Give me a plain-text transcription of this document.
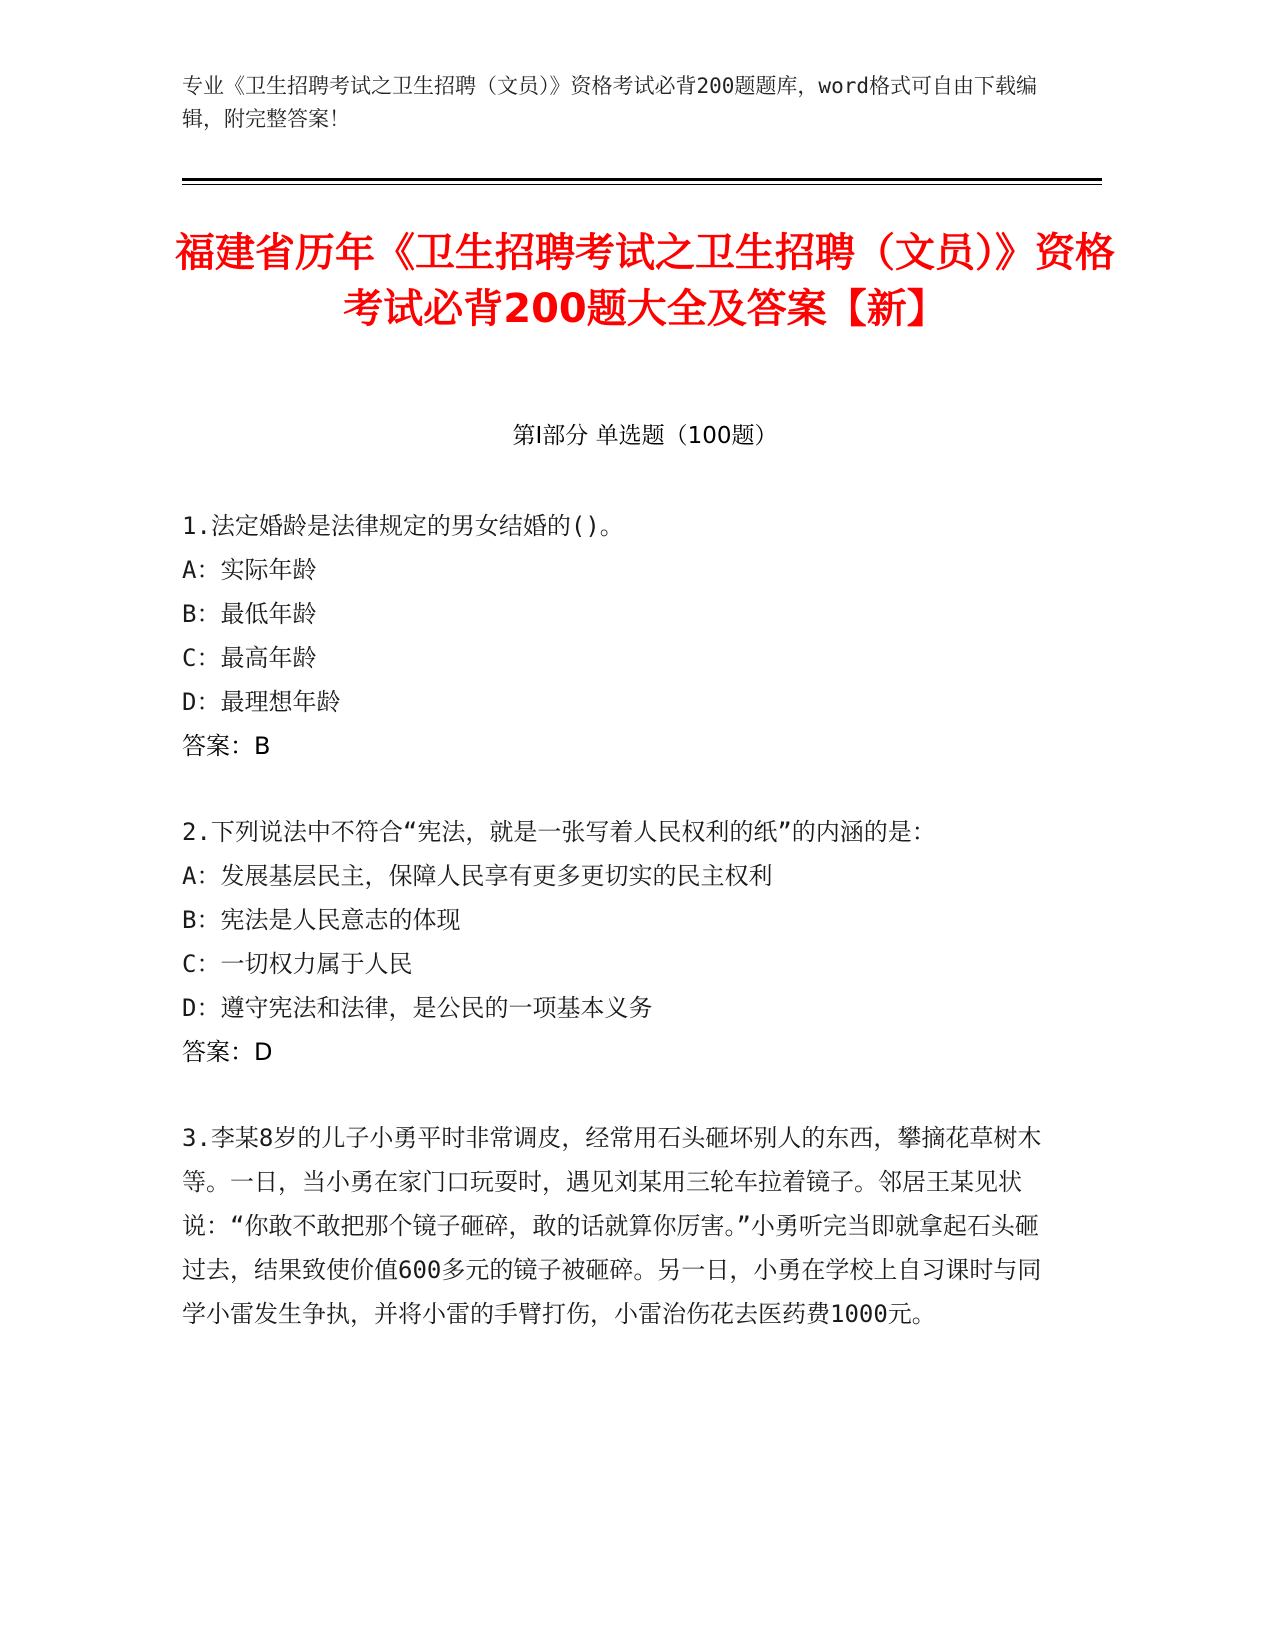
专业《卫生招聘考试之卫生招聘（文员）》资格考试必背200题题库，word格式可自由下载编辑，附完整答案！
福建省历年《卫生招聘考试之卫生招聘（文员）》资格考试必背200题大全及答案【新】
第Ⅰ部分 单选题（100题）
1.法定婚龄是法律规定的男女结婚的()。
A：实际年龄
B：最低年龄
C：最高年龄
D：最理想年龄
答案：B
2.下列说法中不符合“宪法，就是一张写着人民权利的纸”的内涵的是：
A：发展基层民主，保障人民享有更多更切实的民主权利
B：宪法是人民意志的体现
C：一切权力属于人民
D：遵守宪法和法律，是公民的一项基本义务
答案：D
3.李某8岁的儿子小勇平时非常调皮，经常用石头砸坏别人的东西，攀摘花草树木等。一日，当小勇在家门口玩耍时，遇见刘某用三轮车拉着镜子。邻居王某见状说：“你敢不敢把那个镜子砸碎，敢的话就算你厉害。”小勇听完当即就拿起石头砸过去，结果致使价值600多元的镜子被砸碎。另一日，小勇在学校上自习课时与同学小雷发生争执，并将小雷的手臂打伤，小雷治伤花去医药费1000元。
